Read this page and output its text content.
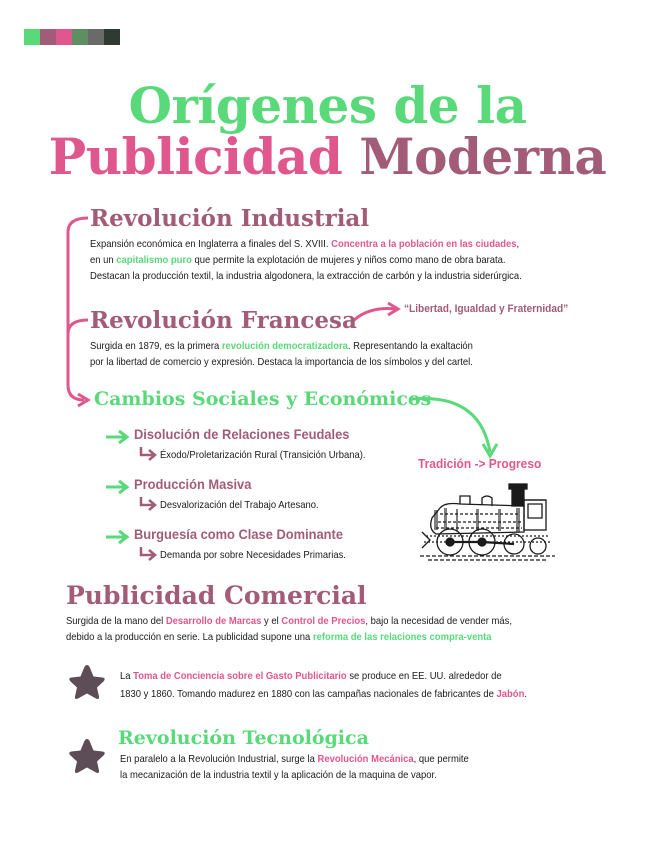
Orígenes de la
Publicidad Moderna
Revolución Industrial
Expansión económica en Inglaterra a finales del S. XVIII. Concentra a la población en las ciudades,
en un capitalismo puro que permite la explotación de mujeres y niños como mano de obra barata.
Destacan la producción textil, la industria algodonera, la extracción de carbón y la industria siderúrgica.
Revolución Francesa	“Libertad, Igualdad y Fraternidad”
Surgida en 1879, es la primera revolución democratizadora. Representando la exaltación
por la libertad de comercio y expresión. Destaca la importancia de los símbolos y del cartel.
Cambios Sociales y Económicos
Tradición -> Progreso
Disolución de Relaciones Feudales
Éxodo/Proletarización Rural (Transición Urbana).
Producción Masiva
Desvalorización del Trabajo Artesano.
Burguesía como Clase Dominante
Demanda por sobre Necesidades Primarias.
Publicidad Comercial
Surgida de la mano del Desarrollo de Marcas y el Control de Precios, bajo la necesidad de vender más,
debido a la producción en serie. La publicidad supone una reforma de las relaciones compra-venta
La Toma de Conciencia sobre el Gasto Publicitario se produce en EE. UU. alrededor de
1830 y 1860. Tomando madurez en 1880 con las campañas nacionales de fabricantes de Jabón.
Revolución Tecnológica
En paralelo a la Revolución Industrial, surge la Revolución Mecánica, que permite
la mecanización de la industria textil y la aplicación de la maquina de vapor.
